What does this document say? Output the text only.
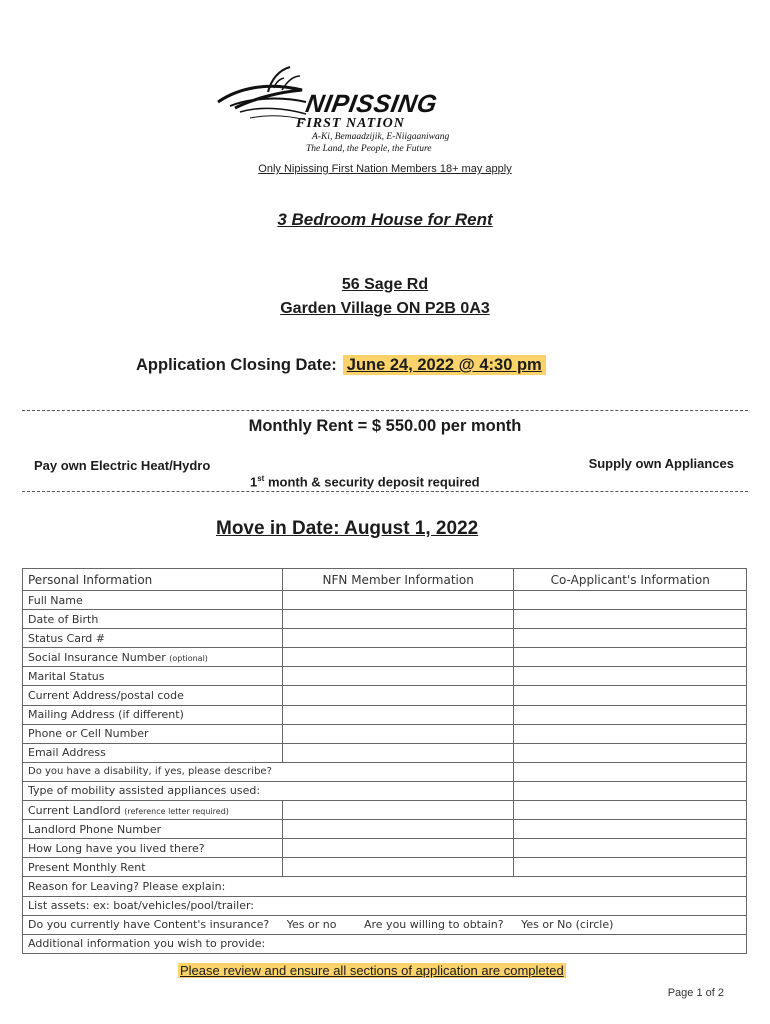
NIPISSING
FIRST NATION
A-Ki, Bemaadzijik, E-Niigaaniwang
The Land, the People, the Future
Only Nipissing First Nation Members 18+ may apply
3 Bedroom House for Rent
56 Sage Rd
Garden Village ON P2B 0A3
Application Closing Date: June 24, 2022 @ 4:30 pm
Monthly Rent = $ 550.00 per month
Pay own Electric Heat/Hydro	Supply own Appliances
1st month & security deposit required
Move in Date: August 1, 2022
Personal Information	NFN Member Information	Co-Applicant's Information
Full Name		
Date of Birth		
Status Card #		
Social Insurance Number (optional)		
Marital Status		
Current Address/postal code		
Mailing Address (if different)		
Phone or Cell Number		
Email Address		
Do you have a disability, if yes, please describe?		
Type of mobility assisted appliances used:		
Current Landlord (reference letter required)		
Landlord Phone Number		
How Long have you lived there?		
Present Monthly Rent		
Reason for Leaving? Please explain:		
List assets: ex: boat/vehicles/pool/trailer:		
Do you currently have Content's insurance? Yes or no Are you willing to obtain? Yes or No (circle)		
Additional information you wish to provide:		
Please review and ensure all sections of application are completed
Page 1 of 2
